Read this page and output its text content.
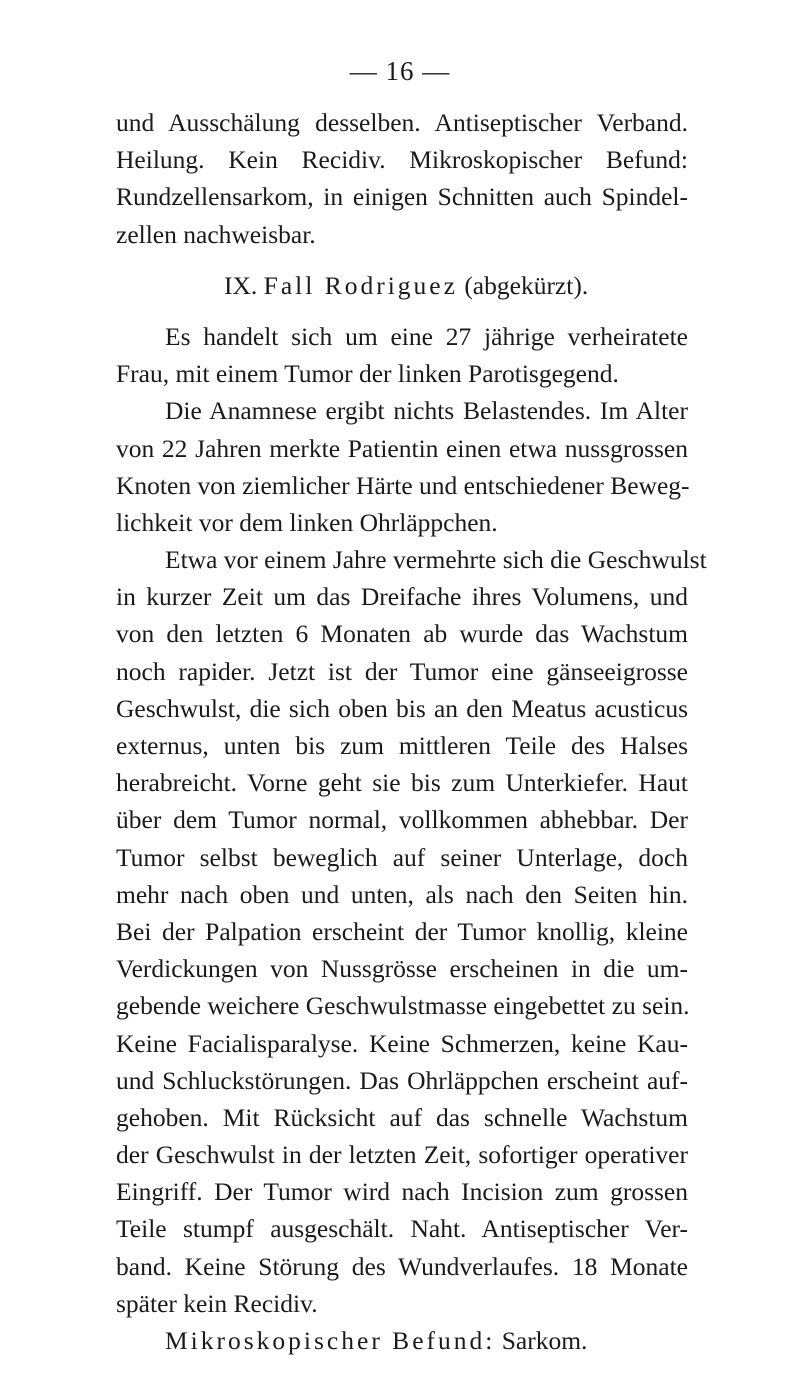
— 16 —
und Ausschälung desselben. Antiseptischer Verband.
Heilung. Kein Recidiv. Mikroskopischer Befund:
Rundzellensarkom, in einigen Schnitten auch Spindel-
zellen nachweisbar.
IX. Fall Rodriguez (abgekürzt).
Es handelt sich um eine 27 jährige verheiratete
Frau, mit einem Tumor der linken Parotisgegend.
Die Anamnese ergibt nichts Belastendes. Im Alter
von 22 Jahren merkte Patientin einen etwa nussgrossen
Knoten von ziemlicher Härte und entschiedener Beweg-
lichkeit vor dem linken Ohrläppchen.
Etwa vor einem Jahre vermehrte sich die Geschwulst
in kurzer Zeit um das Dreifache ihres Volumens, und
von den letzten 6 Monaten ab wurde das Wachstum
noch rapider. Jetzt ist der Tumor eine gänseeigrosse
Geschwulst, die sich oben bis an den Meatus acusticus
externus, unten bis zum mittleren Teile des Halses
herabreicht. Vorne geht sie bis zum Unterkiefer. Haut
über dem Tumor normal, vollkommen abhebbar. Der
Tumor selbst beweglich auf seiner Unterlage, doch
mehr nach oben und unten, als nach den Seiten hin.
Bei der Palpation erscheint der Tumor knollig, kleine
Verdickungen von Nussgrösse erscheinen in die um-
gebende weichere Geschwulstmasse eingebettet zu sein.
Keine Facialisparalyse. Keine Schmerzen, keine Kau-
und Schluckstörungen. Das Ohrläppchen erscheint auf-
gehoben. Mit Rücksicht auf das schnelle Wachstum
der Geschwulst in der letzten Zeit, sofortiger operativer
Eingriff. Der Tumor wird nach Incision zum grossen
Teile stumpf ausgeschält. Naht. Antiseptischer Ver-
band. Keine Störung des Wundverlaufes. 18 Monate
später kein Recidiv.
Mikroskopischer Befund: Sarkom.
